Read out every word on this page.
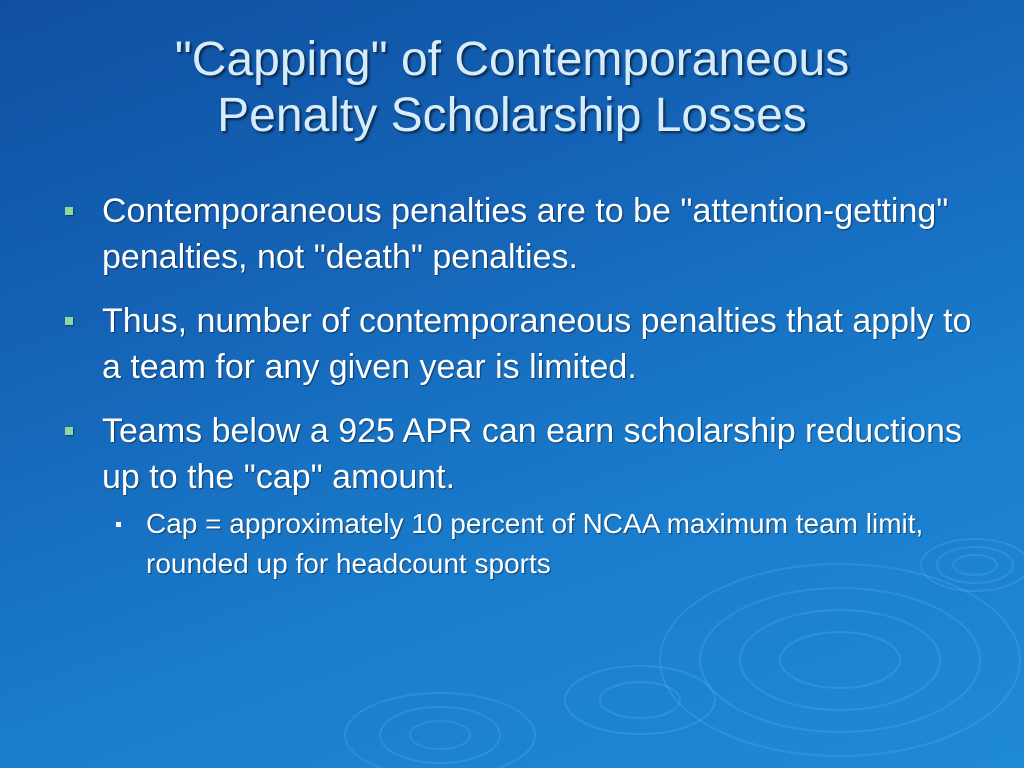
"Capping" of Contemporaneous
Penalty Scholarship Losses
Contemporaneous penalties are to be "attention-getting" penalties, not "death" penalties.
Thus, number of contemporaneous penalties that apply to a team for any given year is limited.
Teams below a 925 APR can earn scholarship reductions up to the "cap" amount.
Cap = approximately 10 percent of NCAA maximum team limit, rounded up for headcount sports
